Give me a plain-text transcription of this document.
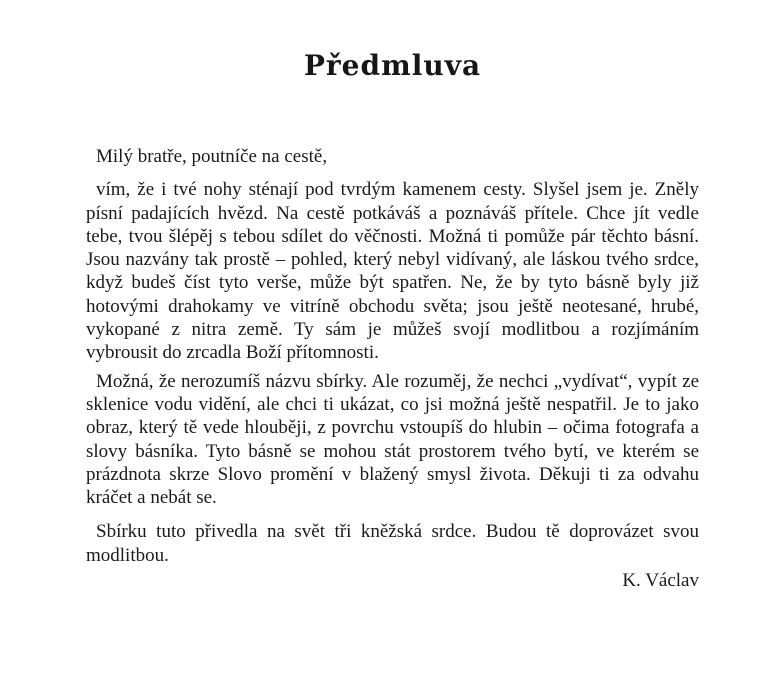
Předmluva

Milý bratře, poutníče na cestě,

vím, že i tvé nohy sténají pod tvrdým kamenem cesty. Slyšel jsem je. Zněly písní padajících hvězd. Na cestě potkáváš a poznáváš přítele. Chce jít vedle tebe, tvou šlépěj s tebou sdílet do věčnosti. Možná ti pomůže pár těchto básní. Jsou nazvány tak prostě – pohled, který nebyl vidívaný, ale láskou tvého srdce, když budeš číst tyto verše, může být spatřen. Ne, že by tyto básně byly již hotovými drahokamy ve vitríně obchodu světa; jsou ještě neotesané, hrubé, vykopané z nitra země. Ty sám je můžeš svojí modlitbou a rozjímáním vybrousit do zrcadla Boží přítomnosti.

Možná, že nerozumíš názvu sbírky. Ale rozuměj, že nechci „vydívat“, vypít ze sklenice vodu vidění, ale chci ti ukázat, co jsi možná ještě nespatřil. Je to jako obraz, který tě vede hlouběji, z povrchu vstoupíš do hlubin – očima fotografa a slovy básníka. Tyto básně se mohou stát prostorem tvého bytí, ve kterém se prázdnota skrze Slovo promění v blažený smysl života. Děkuji ti za odvahu kráčet a nebát se.

Sbírku tuto přivedla na svět tři kněžská srdce. Budou tě doprovázet svou modlitbou.

K. Václav
